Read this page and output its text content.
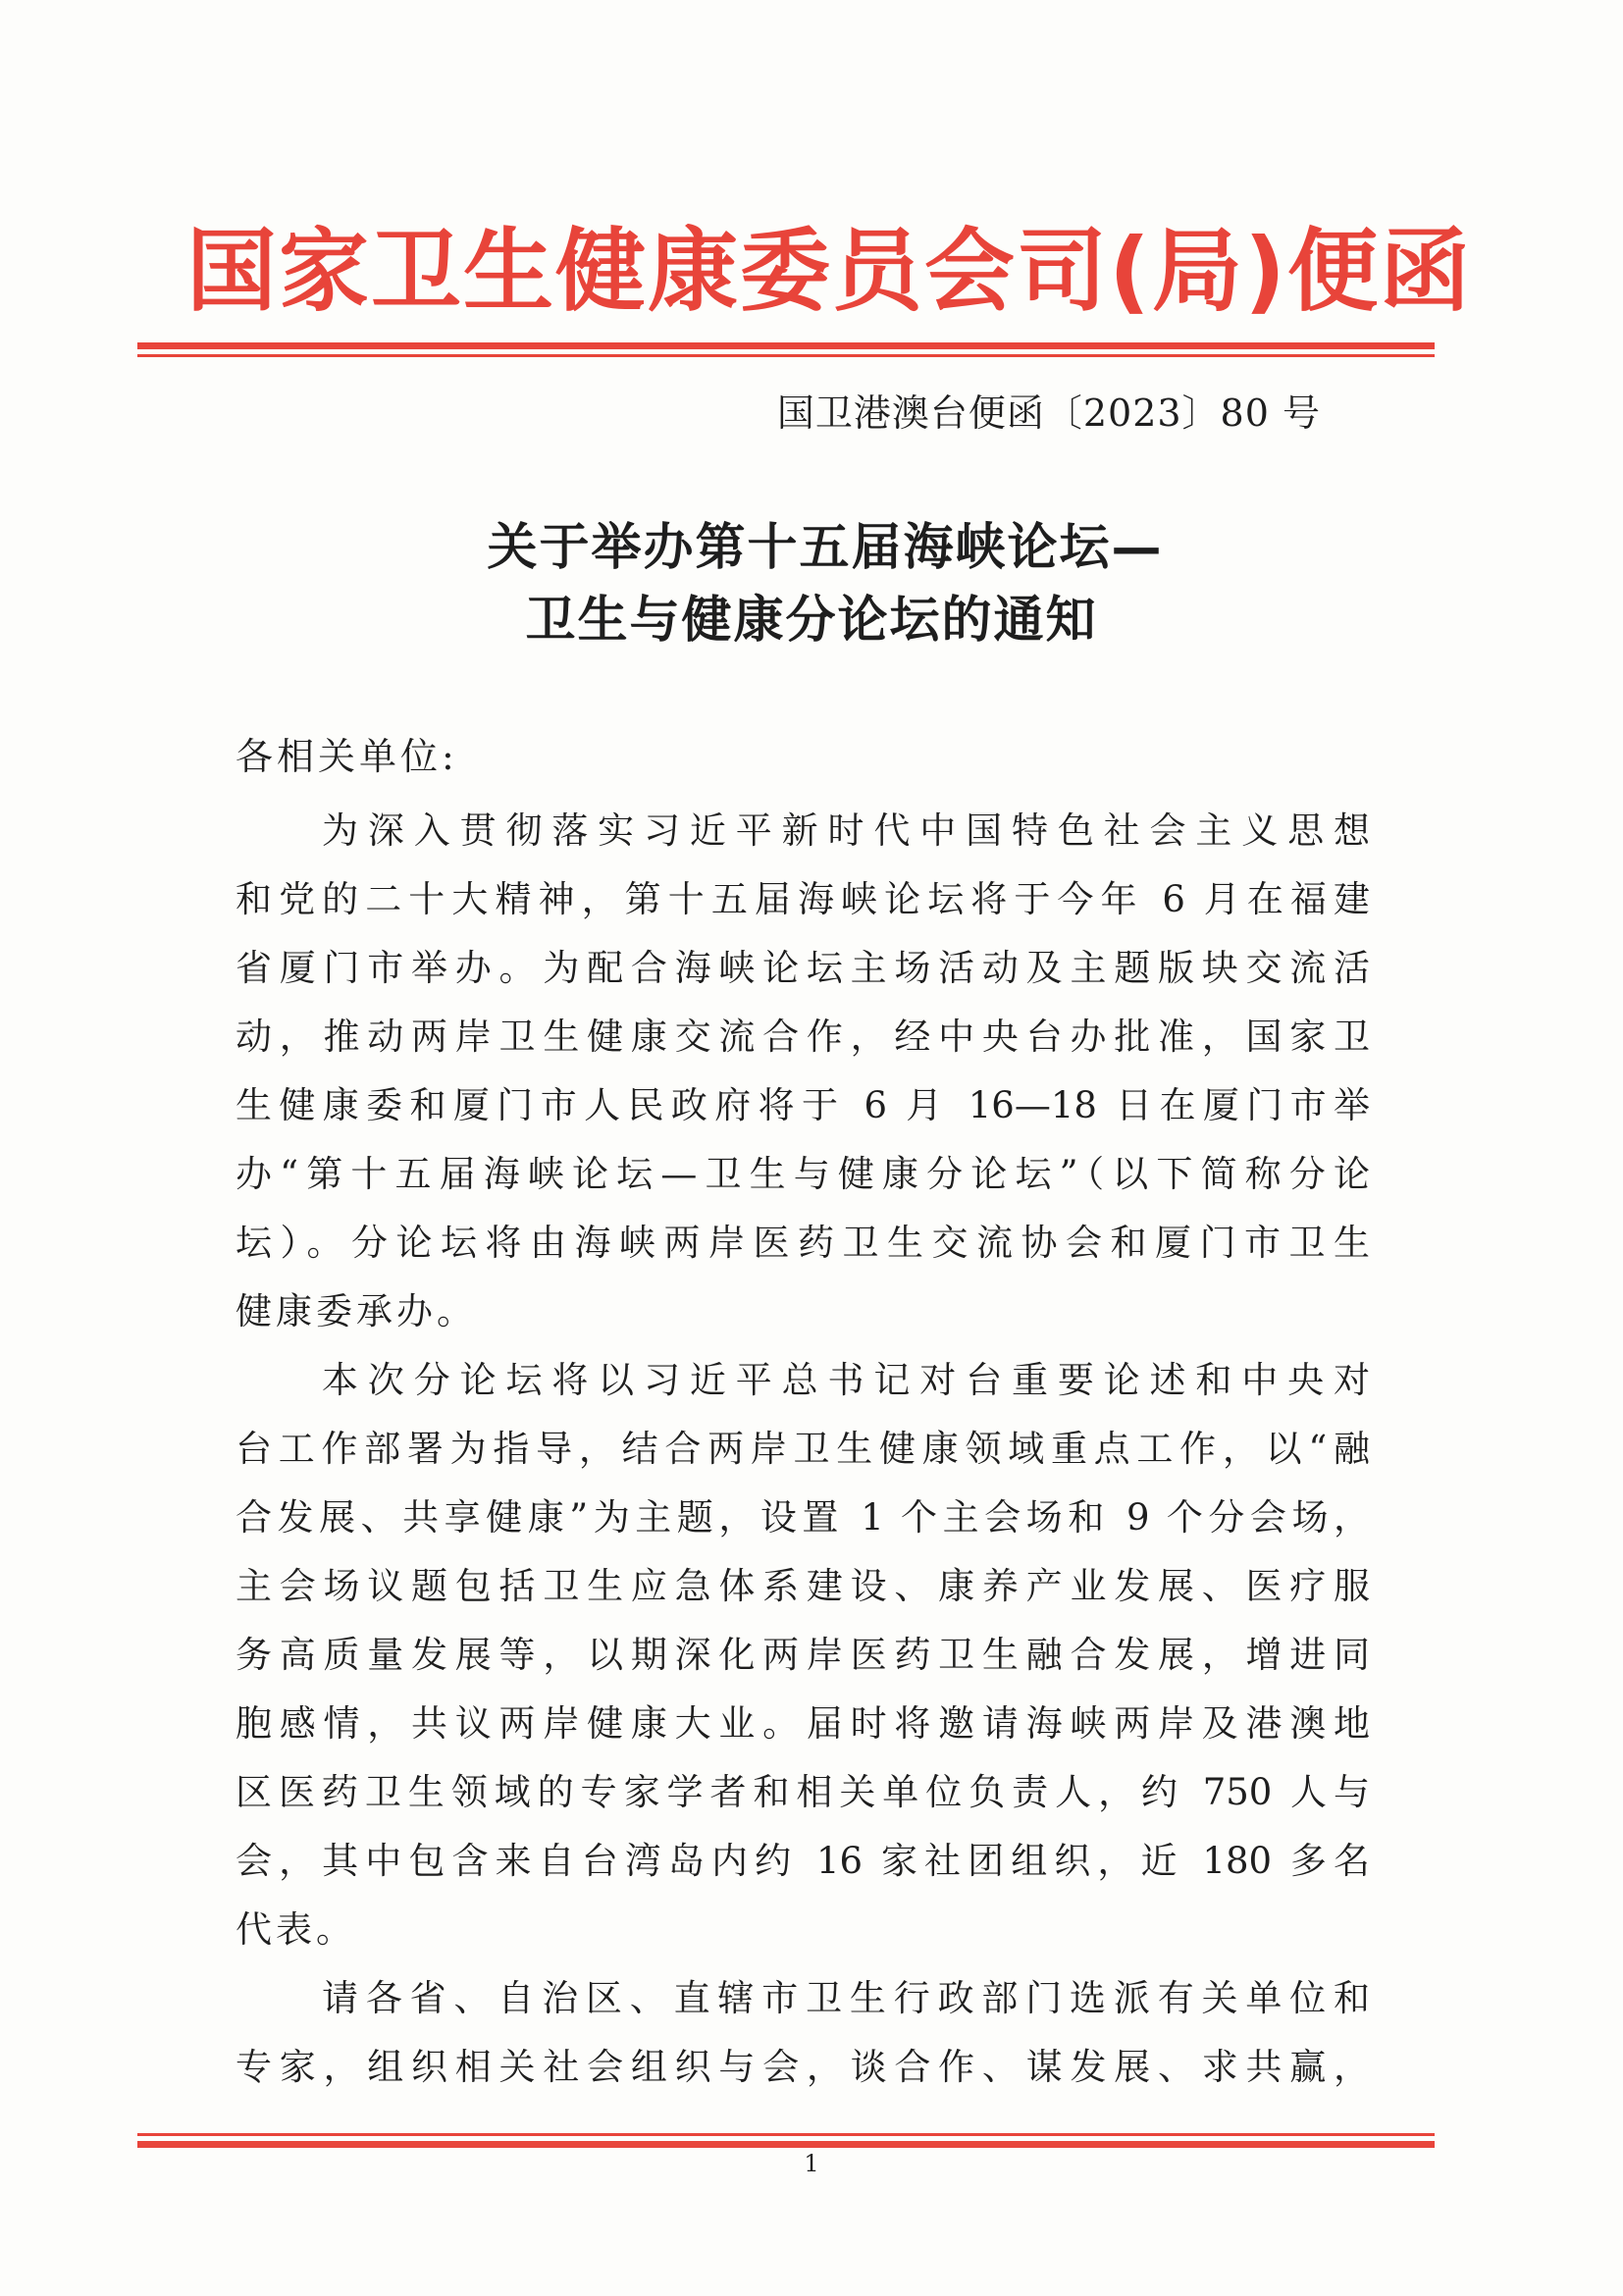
国家卫生健康委员会司(局)便函
国卫港澳台便函〔2023〕80 号
关于举办第十五届海峡论坛—
卫生与健康分论坛的通知
各相关单位:
为深入贯彻落实习近平新时代中国特色社会主义思想
和党的二十大精神，第十五届海峡论坛将于今年 6 月在福建
省厦门市举办。为配合海峡论坛主场活动及主题版块交流活
动，推动两岸卫生健康交流合作，经中央台办批准，国家卫
生健康委和厦门市人民政府将于 6 月 16—18 日在厦门市举
办“第十五届海峡论坛—卫生与健康分论坛”（以下简称分论
坛）。分论坛将由海峡两岸医药卫生交流协会和厦门市卫生
健康委承办。
本次分论坛将以习近平总书记对台重要论述和中央对
台工作部署为指导，结合两岸卫生健康领域重点工作，以“融
合发展、共享健康”为主题，设置 1 个主会场和 9 个分会场，
主会场议题包括卫生应急体系建设、康养产业发展、医疗服
务高质量发展等，以期深化两岸医药卫生融合发展，增进同
胞感情，共议两岸健康大业。届时将邀请海峡两岸及港澳地
区医药卫生领域的专家学者和相关单位负责人，约 750 人与
会，其中包含来自台湾岛内约 16 家社团组织，近 180 多名
代表。
请各省、自治区、直辖市卫生行政部门选派有关单位和
专家，组织相关社会组织与会，谈合作、谋发展、求共赢，
1
